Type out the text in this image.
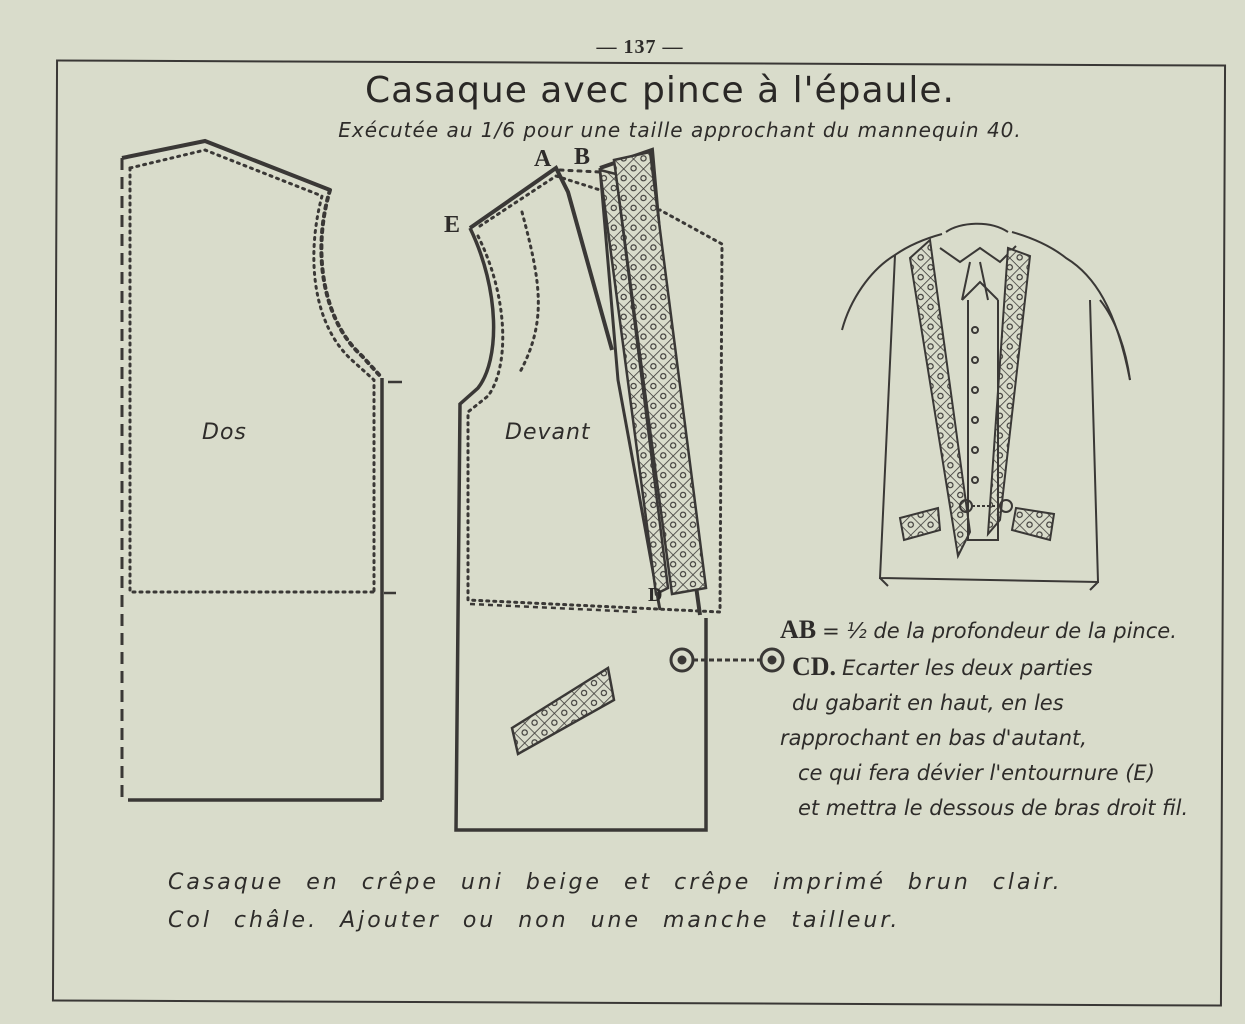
— 137 —
Casaque avec pince à l'épaule.
Exécutée au 1/6 pour une taille approchant du mannequin 40.
A B
E
D
Dos	Devant
AB = ½ de la profondeur de la pince.
CD. Ecarter les deux parties
du gabarit en haut, en les
rapprochant en bas d'autant,
ce qui fera dévier l'entournure (E)
et mettra le dessous de bras droit fil.
Casaque en crêpe uni beige et crêpe imprimé brun clair.
Col châle. Ajouter ou non une manche tailleur.
